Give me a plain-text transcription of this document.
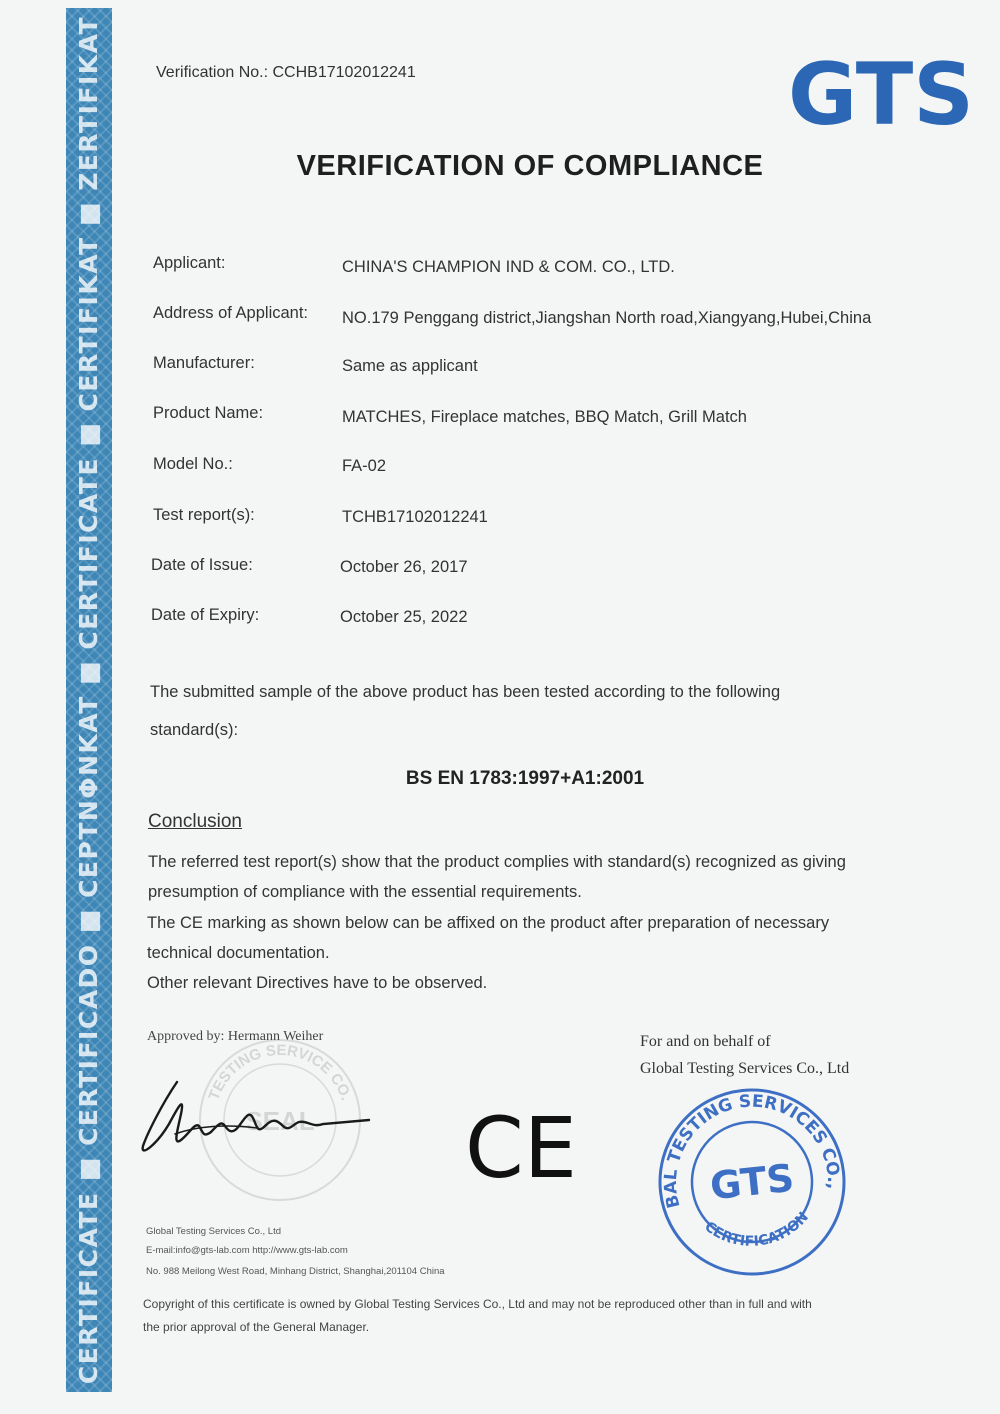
CERTIFICATE ■ CERTIFICADO ■ CEPTNΦNKAT ■ CERTIFICATE ■ CERTIFIKAT ■ ZERTIFIKAT	Verification No.: CCHB17102012241	GTS
VERIFICATION OF COMPLIANCE
Applicant:	CHINA'S CHAMPION IND & COM. CO., LTD.
Address of Applicant: NO.179 Penggang district,Jiangshan North road,Xiangyang,Hubei,China
Manufacturer:	Same as applicant
Product Name:	MATCHES, Fireplace matches, BBQ Match, Grill Match
Model No.:	FA-02
Test report(s):	TCHB17102012241
Date of Issue:	October 26, 2017
Date of Expiry:	October 25, 2022
The submitted sample of the above product has been tested according to the following
standard(s):
BS EN 1783:1997+A1:2001
Conclusion
The referred test report(s) show that the product complies with standard(s) recognized as giving
presumption of compliance with the essential requirements.
The CE marking as shown below can be affixed on the product after preparation of necessary
technical documentation.
Other relevant Directives have to be observed.
Approved by: Hermann Weiher	For and on behalf of
Global Testing Services Co., Ltd
TESTING SERVICE CO.
SEAL CE
GLOBAL TESTING SERVICES CO.,LTD.
CERTIFICATION
GTS
Global Testing Services Co., Ltd
E-mail:info@gts-lab.com http://www.gts-lab.com
No. 988 Meilong West Road, Minhang District, Shanghai,201104 China
Copyright of this certificate is owned by Global Testing Services Co., Ltd and may not be reproduced other than in full and with
the prior approval of the General Manager.
